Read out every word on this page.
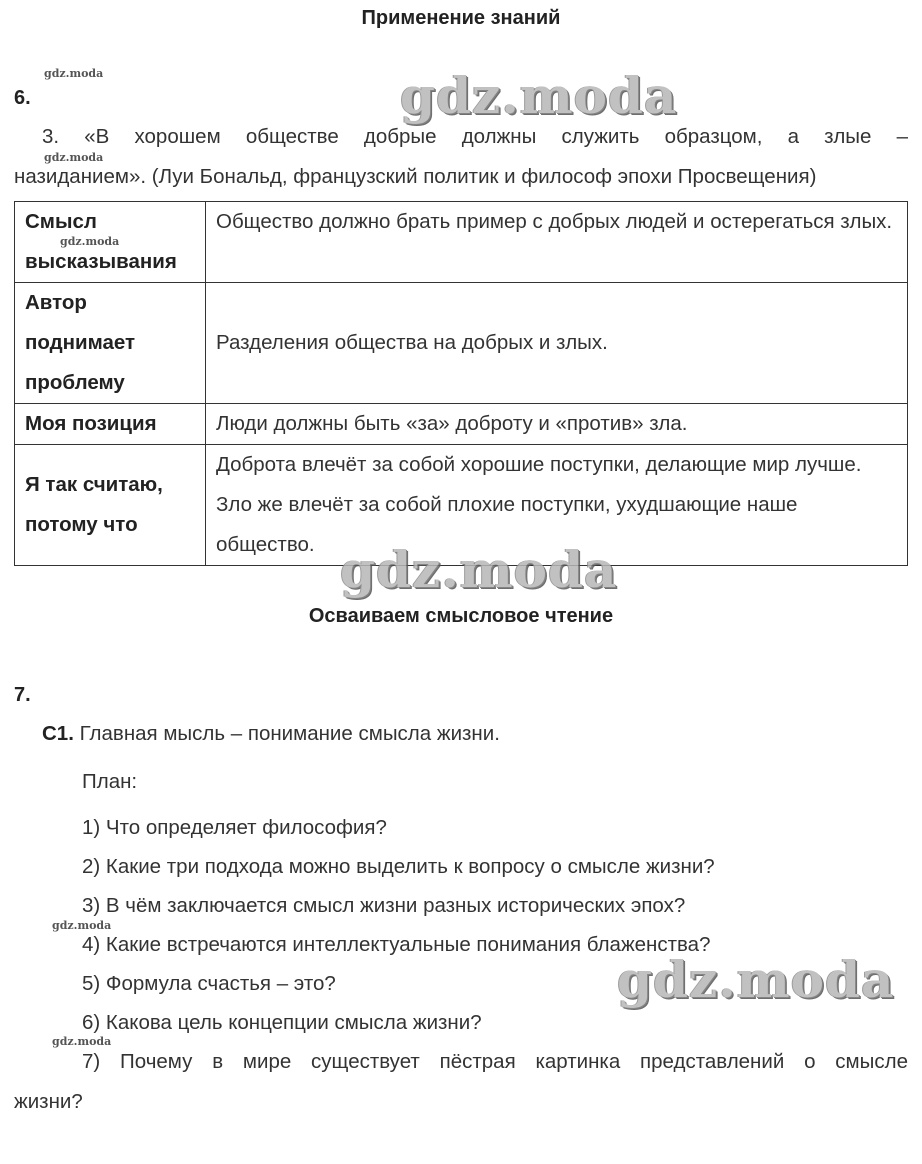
Применение знаний
gdz.moda
gdz.moda
6.	gdz.moda
3. «В хорошем обществе добрые должны служить образцом, а злые –
назиданием». (Луи Бональд, французский политик и философ эпохи Просвещения)
Смысл высказывания	Общество должно брать пример с добрых людей и остерегаться злых.
Автор поднимает проблему	Разделения общества на добрых и злых.
Моя позиция	Люди должны быть «за» доброту и «против» зла.
Я так считаю, потому что	Доброта влечёт за собой хорошие поступки, делающие мир лучше. Зло же влечёт за собой плохие поступки, ухудшающие наше общество.
gdz.moda
gdz.moda
Осваиваем смысловое чтение
7.
С1. Главная мысль – понимание смысла жизни.
План:
1) Что определяет философия?
2) Какие три подхода можно выделить к вопросу о смысле жизни?
3) В чём заключается смысл жизни разных исторических эпох?
4) Какие встречаются интеллектуальные понимания блаженства?
5) Формула счастья – это?
6) Какова цель концепции смысла жизни?
gdz.moda
gdz.moda
gdz.moda
7) Почему в мире существует пёстрая картинка представлений о смысле
жизни?
